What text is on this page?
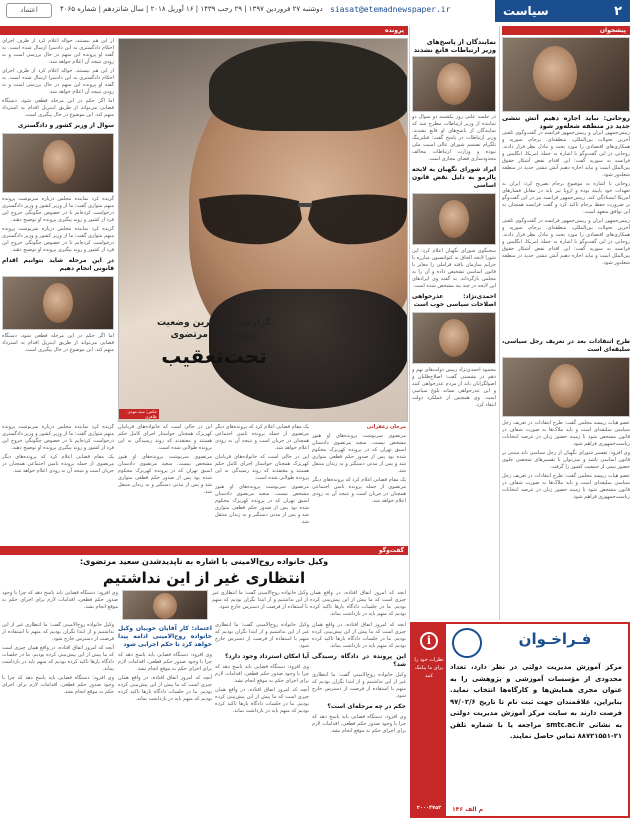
۲
سیاست
siasat@etemadnewspaper.ir
دوشنبه ۲۷ فروردین ۱۳۹۷ | ۲۹ رجب ۱۴۳۹ | ۱۶ آوریل ۲۰۱۸ | سال شانزدهم | شماره ۴۰۶۵
اعتماد
پیشخوان
روحانی: نباید اجازه دهیم آتش تنشی جدید در منطقه شعله‌ور شود

رییس‌جمهور ایران و رییس‌جمهور فرانسه در گفت‌وگوی تلفنی آخرین تحولات بین‌المللی، منطقه‌ای، برجام، سوریه و همکاری‌های اقتصادی را مورد بحث و تبادل نظر قرار دادند. روحانی در این گفت‌وگو با اشاره به حمله امریکا، انگلیس و فرانسه به سوریه گفت: این اقدام نقض آشکار حقوق بین‌الملل است و نباید اجازه دهیم آتش تنشی جدید در منطقه شعله‌ور شود.

روحانی با اشاره به موضوع برجام تصریح کرد: ایران به تعهدات خود پایبند بوده و اروپا نیز باید در مقابل فشارهای امریکا ایستادگی کند. رییس‌جمهور فرانسه نیز در این گفت‌وگو بر ضرورت حفظ برجام تاکید کرد و گفت فرانسه همچنان به این توافق متعهد است.

رییس‌جمهور ایران و رییس‌جمهور فرانسه در گفت‌وگوی تلفنی آخرین تحولات بین‌المللی، منطقه‌ای، برجام، سوریه و همکاری‌های اقتصادی را مورد بحث و تبادل نظر قرار دادند. روحانی در این گفت‌وگو با اشاره به حمله امریکا، انگلیس و فرانسه به سوریه گفت: این اقدام نقض آشکار حقوق بین‌الملل است و نباید اجازه دهیم آتش تنشی جدید در منطقه شعله‌ور شود.

طرح انتقادات بعد در تعریف رجل سیاسی، سلیقه‌ای است

عضو هیات رییسه مجلس گفت: طرح انتقادات در تعریف رجل سیاسی سلیقه‌ای است و باید ملاک‌ها به صورت شفاف در قانون مشخص شود تا زمینه حضور زنان در عرصه انتخابات ریاست‌جمهوری فراهم شود.

وی افزود: تفسیر شورای نگهبان از رجل سیاسی باید مبتنی بر قانون اساسی باشد و نمی‌توان با تفسیرهای شخصی جلوی حضور نیمی از جمعیت کشور را گرفت.

عضو هیات رییسه مجلس گفت: طرح انتقادات در تعریف رجل سیاسی سلیقه‌ای است و باید ملاک‌ها به صورت شفاف در قانون مشخص شود تا زمینه حضور زنان در عرصه انتخابات ریاست‌جمهوری فراهم شود.

نمایندگان از پاسخ‌های وزیر ارتباطات قانع نشدند

در جلسه علنی روز یکشنبه دو سوال دو نماینده از وزیر ارتباطات مطرح شد که نمایندگان از پاسخ‌های او قانع نشدند. وزیر ارتباطات در پاسخ گفت: فیلترینگ تلگرام تصمیم شورای عالی امنیت ملی نبوده و وزارت ارتباطات مخالف محدودسازی فضای مجازی است.

ایراد شورای نگهبان به لایحه پالرمو به دلیل نقض قانون اساسی

سخنگوی شورای نگهبان اعلام کرد: این شورا لایحه الحاق به کنوانسیون مبارزه با جرایم سازمان یافته فراملی را مغایر با قانون اساسی تشخیص داده و آن را به مجلس بازگرداند. به گفته وی ایرادهای این لایحه در چند بند مشخص شده است.

احمدی‌نژاد: عذرخواهی اصلاحات سیاسی خوب است

محمود احمدی‌نژاد رییس دولت‌های نهم و دهم در نشستی گفت: اصلاح‌طلبان و اصولگرایان باید از مردم عذرخواهی کنند و این عذرخواهی نشانه بلوغ سیاسی است. وی همچنین از عملکرد دولت انتقاد کرد.

پرونده
گزارشی از آخرین وضعیت پرونده‌های مرتضوی
تحت‌تعقیب
عکس: سید مهدی طاهری

از این هم نیستند، حواله اعلام کرد از طرف اجرای احکام دادگستری به این دادسرا ارسال شده است. به گفته او پرونده این متهم در حال بررسی است و به زودی نتیجه آن اعلام خواهد شد.

از این هم نیستند، حواله اعلام کرد از طرف اجرای احکام دادگستری به این دادسرا ارسال شده است. به گفته او پرونده این متهم در حال بررسی است و به زودی نتیجه آن اعلام خواهد شد.

اما اگر حکم در این مرحله قطعی شود، دستگاه قضایی می‌تواند از طریق اینترپل اقدام به استرداد متهم کند. این موضوع در حال پیگیری است.

سوال از وزیر کشور و دادگستری

گزیده کرد نماینده مجلس درباره سرنوشت پرونده متهم متواری گفت: ما از وزیر کشور و وزیر دادگستری درخواست کرده‌ایم تا در خصوص چگونگی خروج این فرد از کشور و روند پیگیری پرونده او توضیح دهند.

گزیده کرد نماینده مجلس درباره سرنوشت پرونده متهم متواری گفت: ما از وزیر کشور و وزیر دادگستری درخواست کرده‌ایم تا در خصوص چگونگی خروج این فرد از کشور و روند پیگیری پرونده او توضیح دهند.

در این مرحله شاید بتوانیم اقدام قانونی انجام دهیم

اما اگر حکم در این مرحله قطعی شود، دستگاه قضایی می‌تواند از طریق اینترپل اقدام به استرداد متهم کند. این موضوع در حال پیگیری است.

مرجان زعفرانی

مرتضوی سرنوشت پرونده‌های او هنوز مشخص نیست. سعید مرتضوی دادستان اسبق تهران که در پرونده کهریزک محکوم شده بود پس از صدور حکم قطعی متواری شد و پس از مدتی دستگیر و به زندان منتقل شد.

یک مقام قضایی اعلام کرد که پرونده‌های دیگر مرتضوی از جمله پرونده تامین اجتماعی همچنان در جریان است و نتیجه آن به زودی اعلام خواهد شد.

یک مقام قضایی اعلام کرد که پرونده‌های دیگر مرتضوی از جمله پرونده تامین اجتماعی همچنان در جریان است و نتیجه آن به زودی اعلام خواهد شد.

این در حالی است که خانواده‌های قربانیان کهریزک همچنان خواستار اجرای کامل حکم هستند و معتقدند که روند رسیدگی به این پرونده طولانی شده است.

مرتضوی سرنوشت پرونده‌های او هنوز مشخص نیست. سعید مرتضوی دادستان اسبق تهران که در پرونده کهریزک محکوم شده بود پس از صدور حکم قطعی متواری شد و پس از مدتی دستگیر و به زندان منتقل شد.

این در حالی است که خانواده‌های قربانیان کهریزک همچنان خواستار اجرای کامل حکم هستند و معتقدند که روند رسیدگی به این پرونده طولانی شده است.

مرتضوی سرنوشت پرونده‌های او هنوز مشخص نیست. سعید مرتضوی دادستان اسبق تهران که در پرونده کهریزک محکوم شده بود پس از صدور حکم قطعی متواری شد و پس از مدتی دستگیر و به زندان منتقل شد.

گزیده کرد نماینده مجلس درباره سرنوشت پرونده متهم متواری گفت: ما از وزیر کشور و وزیر دادگستری درخواست کرده‌ایم تا در خصوص چگونگی خروج این فرد از کشور و روند پیگیری پرونده او توضیح دهند.

یک مقام قضایی اعلام کرد که پرونده‌های دیگر مرتضوی از جمله پرونده تامین اجتماعی همچنان در جریان است و نتیجه آن به زودی اعلام خواهد شد.

گفت‌وگو
وکیل خانواده روح‌الامینی با اشاره به ناپدیدشدن سعید مرتضوی:
انتظاری غیر از این نداشتیم

آنچه که امروز اتفاق افتاده، در واقع همان چیزی است که ما پیش از این پیش‌بینی کرده بودیم. ما در جلسات دادگاه بارها تاکید کرده بودیم که متهم باید در بازداشت بماند.

وکیل خانواده روح‌الامینی گفت: ما انتظاری غیر از این نداشتیم و از ابتدا نگران بودیم که متهم با استفاده از فرصت از دسترس خارج شود.

وی افزود: دستگاه قضایی باید پاسخ دهد که چرا با وجود صدور حکم قطعی، اقدامات لازم برای اجرای حکم به موقع انجام نشد.

آنچه که امروز اتفاق افتاده، در واقع همان چیزی است که ما پیش از این پیش‌بینی کرده بودیم. ما در جلسات دادگاه بارها تاکید کرده بودیم که متهم باید در بازداشت بماند.

این پرونده در دادگاه رسیدگی شد؟

وکیل خانواده روح‌الامینی گفت: ما انتظاری غیر از این نداشتیم و از ابتدا نگران بودیم که متهم با استفاده از فرصت از دسترس خارج شود.

حکم در چه مرحله‌ای است؟

وی افزود: دستگاه قضایی باید پاسخ دهد که چرا با وجود صدور حکم قطعی، اقدامات لازم برای اجرای حکم به موقع انجام نشد.

وکیل خانواده روح‌الامینی گفت: ما انتظاری غیر از این نداشتیم و از ابتدا نگران بودیم که متهم با استفاده از فرصت از دسترس خارج شود.

آیا امکان استرداد وجود دارد؟

وی افزود: دستگاه قضایی باید پاسخ دهد که چرا با وجود صدور حکم قطعی، اقدامات لازم برای اجرای حکم به موقع انجام نشد.

آنچه که امروز اتفاق افتاده، در واقع همان چیزی است که ما پیش از این پیش‌بینی کرده بودیم. ما در جلسات دادگاه بارها تاکید کرده بودیم که متهم باید در بازداشت بماند.

اعتماد: کار آقایان خوبیان وکیل خانواده روح‌الامینی ادامه پیدا خواهد کرد تا حکم اجرایی شود

وی افزود: دستگاه قضایی باید پاسخ دهد که چرا با وجود صدور حکم قطعی، اقدامات لازم برای اجرای حکم به موقع انجام نشد.

آنچه که امروز اتفاق افتاده، در واقع همان چیزی است که ما پیش از این پیش‌بینی کرده بودیم. ما در جلسات دادگاه بارها تاکید کرده بودیم که متهم باید در بازداشت بماند.

وکیل خانواده روح‌الامینی گفت: ما انتظاری غیر از این نداشتیم و از ابتدا نگران بودیم که متهم با استفاده از فرصت از دسترس خارج شود.

آنچه که امروز اتفاق افتاده، در واقع همان چیزی است که ما پیش از این پیش‌بینی کرده بودیم. ما در جلسات دادگاه بارها تاکید کرده بودیم که متهم باید در بازداشت بماند.

وی افزود: دستگاه قضایی باید پاسخ دهد که چرا با وجود صدور حکم قطعی، اقدامات لازم برای اجرای حکم به موقع انجام نشد.

i
نظرات خود را برای ما پیامک کنید
۳۰۰۰۴۷۵۳
فـراخـوان
مرکز آموزش مدیریت دولتی در نظر دارد، تعداد محدودی از مؤسسات آموزشی و پژوهشی را به عنوان مجری همایش‌ها و کارگاه‌ها انتخاب نماید. بنابراین، علاقمندان جهت ثبت نام تا تاریخ ۹۷/۰۲/۶ فرصت دارند به سایت مرکز آموزش مدیریت دولتی به نشانی smtc.ac.ir مراجعه یا با شماره تلفن ۲۱-۸۸۷۲۱۵۵۱ تماس حاصل نمایند.
م الف ۱۴۶
